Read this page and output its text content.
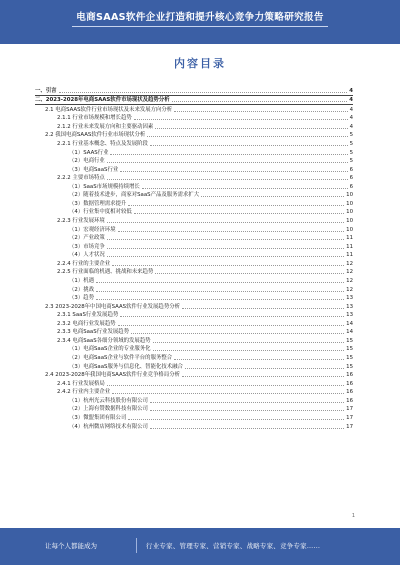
电商SAAS软件企业打造和提升核心竞争力策略研究报告
内容目录
一、引言	4
二、2023-2028年电商SAAS软件市场现状及趋势分析	4
2.1 电商SAAS软件行业市场现状及未来发展方向分析	4
2.1.1 行业市场规模和增长趋势	4
2.1.2 行业未来发展方向和主要驱动因素	4
2.2 我国电商SAAS软件行业市场现状分析	5
2.2.1 行业基本概念、特点及发展阶段	5
（1）SAAS行业	5
（2）电商行业	5
（3）电商SaaS行业	6
2.2.2 主要市场特点	6
（1）SaaS市场规模持续增长	6
（2）随着技术进步，商家对SaaS产品及服务需求扩大	10
（3）数据管理需求提升	10
（4）行业集中度相对较低	10
2.2.3 行业发展环境	10
（1）宏观经济环境	10
（2）产业政策	11
（3）市场竞争	11
（4）人才状况	11
2.2.4 行业的主要企业	12
2.2.5 行业面临的机遇、挑战和未来趋势	12
（1）机遇	12
（2）挑战	12
（3）趋势	13
2.3 2023-2028年中国电商SAAS软件行业发展趋势分析	13
2.3.1 SaaS行业发展趋势	13
2.3.2 电商行业发展趋势	14
2.3.3 电商SaaS行业发展趋势	14
2.3.4 电商SaaS各细分领域的发展趋势	15
（1）电商SaaS企业的专业服务化	15
（2）电商SaaS企业与软件平台的服务整合	15
（3）电商SaaS服务与信息化、智能化技术融合	15
2.4 2023-2028年我国电商SAAS软件行业竞争格局分析	16
2.4.1 行业发展格局	16
2.4.2 行业内主要企业	16
（1）杭州光云科技股份有限公司	16
（2）上海有赞数据科技有限公司	17
（3）微盟集团有限公司	17
（4）杭州微店网络技术有限公司	17
1
让每个人都能成为	行业专家、管理专家、营销专家、战略专家、竞争专家……
